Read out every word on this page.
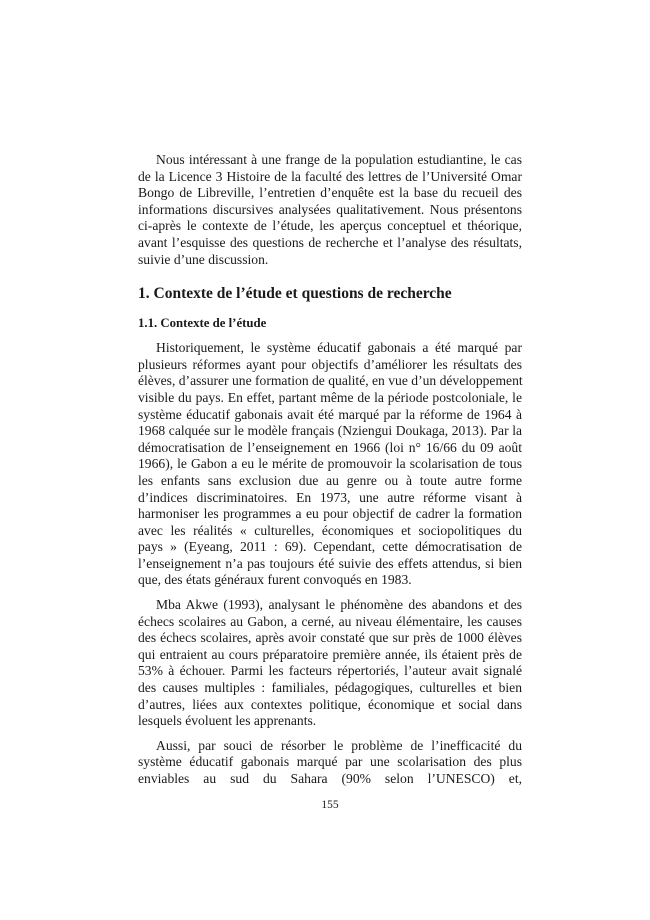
Nous intéressant à une frange de la population estudiantine, le cas
de la Licence 3 Histoire de la faculté des lettres de l’Université Omar
Bongo de Libreville, l’entretien d’enquête est la base du recueil des
informations discursives analysées qualitativement. Nous présentons
ci-après le contexte de l’étude, les aperçus conceptuel et théorique,
avant l’esquisse des questions de recherche et l’analyse des résultats,
suivie d’une discussion.
1. Contexte de l’étude et questions de recherche
1.1. Contexte de l’étude
Historiquement, le système éducatif gabonais a été marqué par
plusieurs réformes ayant pour objectifs d’améliorer les résultats des
élèves, d’assurer une formation de qualité, en vue d’un développement
visible du pays. En effet, partant même de la période postcoloniale, le
système éducatif gabonais avait été marqué par la réforme de 1964 à
1968 calquée sur le modèle français (Nziengui Doukaga, 2013). Par la
démocratisation de l’enseignement en 1966 (loi n° 16/66 du 09 août
1966), le Gabon a eu le mérite de promouvoir la scolarisation de tous
les enfants sans exclusion due au genre ou à toute autre forme
d’indices discriminatoires. En 1973, une autre réforme visant à
harmoniser les programmes a eu pour objectif de cadrer la formation
avec les réalités « culturelles, économiques et sociopolitiques du
pays » (Eyeang, 2011 : 69). Cependant, cette démocratisation de
l’enseignement n’a pas toujours été suivie des effets attendus, si bien
que, des états généraux furent convoqués en 1983.
Mba Akwe (1993), analysant le phénomène des abandons et des
échecs scolaires au Gabon, a cerné, au niveau élémentaire, les causes
des échecs scolaires, après avoir constaté que sur près de 1000 élèves
qui entraient au cours préparatoire première année, ils étaient près de
53% à échouer. Parmi les facteurs répertoriés, l’auteur avait signalé
des causes multiples : familiales, pédagogiques, culturelles et bien
d’autres, liées aux contextes politique, économique et social dans
lesquels évoluent les apprenants.
Aussi, par souci de résorber le problème de l’inefficacité du
système éducatif gabonais marqué par une scolarisation des plus
enviables au sud du Sahara (90% selon l’UNESCO) et,
155
